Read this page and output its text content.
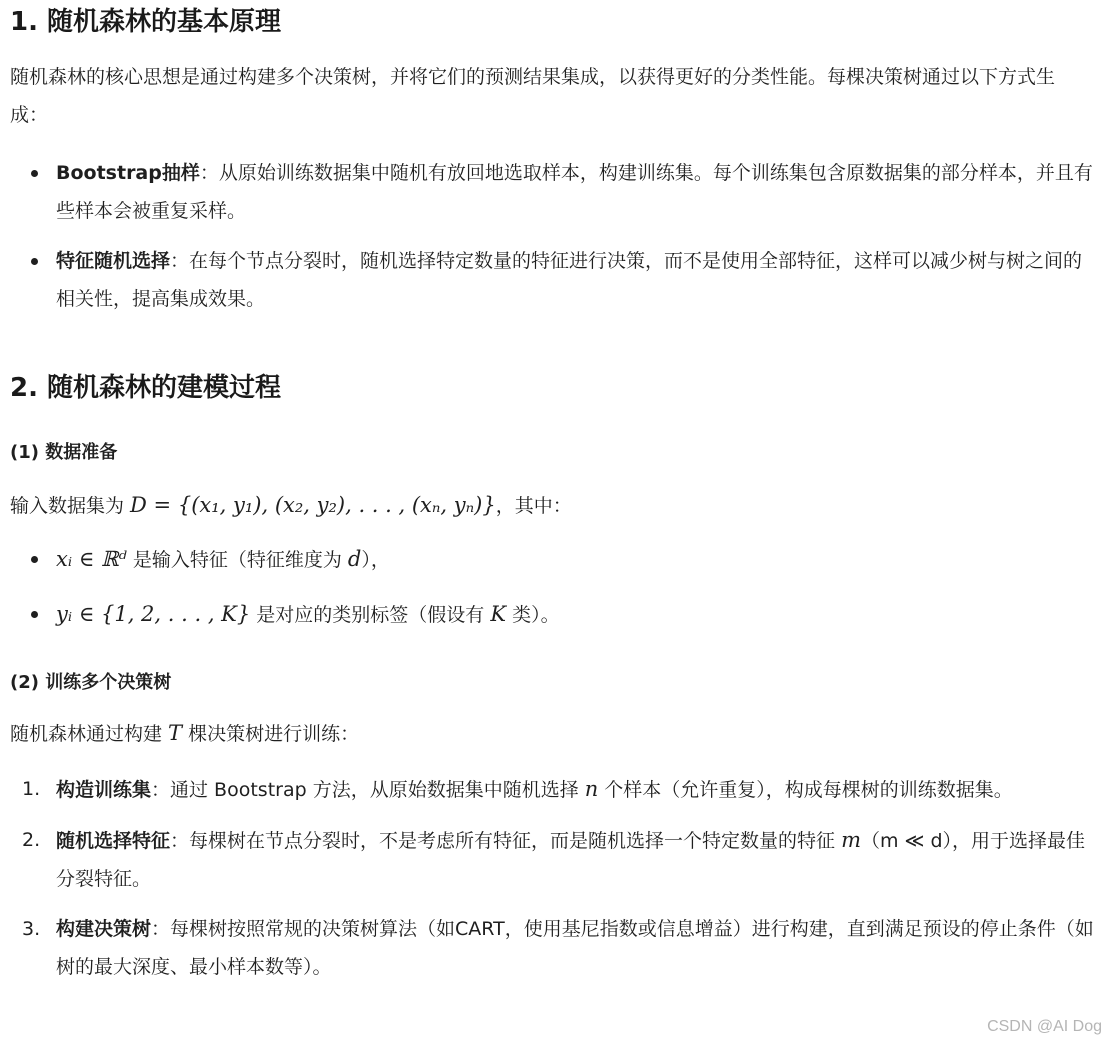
1. 随机森林的基本原理

随机森林的核心思想是通过构建多个决策树，并将它们的预测结果集成，以获得更好的分类性能。每棵决策树通过以下方式生成：

Bootstrap抽样：从原始训练数据集中随机有放回地选取样本，构建训练集。每个训练集包含原数据集的部分样本，并且有些样本会被重复采样。
特征随机选择：在每个节点分裂时，随机选择特定数量的特征进行决策，而不是使用全部特征，这样可以减少树与树之间的相关性，提高集成效果。
2. 随机森林的建模过程
(1) 数据准备

输入数据集为 D = {(x₁, y₁), (x₂, y₂), . . . , (xₙ, yₙ)}，其中：

xᵢ ∈ ℝᵈ 是输入特征（特征维度为 d），
yᵢ ∈ {1, 2, . . . , K} 是对应的类别标签（假设有 K 类）。
(2) 训练多个决策树

随机森林通过构建 T 棵决策树进行训练：

1. 构造训练集：通过 Bootstrap 方法，从原始数据集中随机选择 n 个样本（允许重复），构成每棵树的训练数据集。
2. 随机选择特征：每棵树在节点分裂时，不是考虑所有特征，而是随机选择一个特定数量的特征 m（m ≪ d），用于选择最佳分裂特征。
3. 构建决策树：每棵树按照常规的决策树算法（如CART，使用基尼指数或信息增益）进行构建，直到满足预设的停止条件（如树的最大深度、最小样本数等）。
CSDN @AI Dog
